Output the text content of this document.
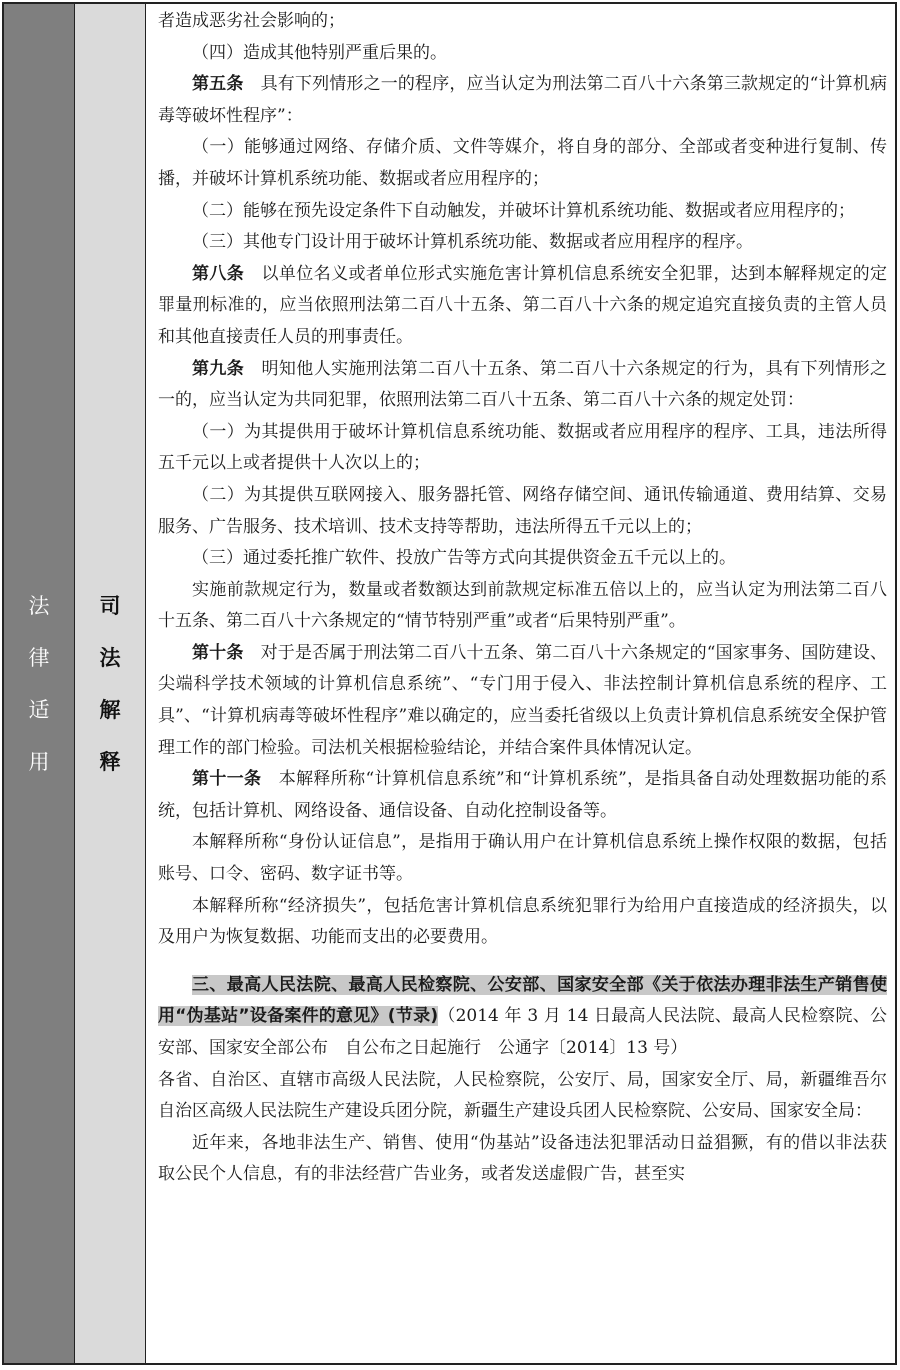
法
律
适
用
司
法
解
释

者造成恶劣社会影响的；

（四）造成其他特别严重后果的。

第五条　具有下列情形之一的程序，应当认定为刑法第二百八十六条第三款规定的“计算机病毒等破坏性程序”：

（一）能够通过网络、存储介质、文件等媒介，将自身的部分、全部或者变种进行复制、传播，并破坏计算机系统功能、数据或者应用程序的；

（二）能够在预先设定条件下自动触发，并破坏计算机系统功能、数据或者应用程序的；

（三）其他专门设计用于破坏计算机系统功能、数据或者应用程序的程序。

第八条　以单位名义或者单位形式实施危害计算机信息系统安全犯罪，达到本解释规定的定罪量刑标准的，应当依照刑法第二百八十五条、第二百八十六条的规定追究直接负责的主管人员和其他直接责任人员的刑事责任。

第九条　明知他人实施刑法第二百八十五条、第二百八十六条规定的行为，具有下列情形之一的，应当认定为共同犯罪，依照刑法第二百八十五条、第二百八十六条的规定处罚：

（一）为其提供用于破坏计算机信息系统功能、数据或者应用程序的程序、工具，违法所得五千元以上或者提供十人次以上的；

（二）为其提供互联网接入、服务器托管、网络存储空间、通讯传输通道、费用结算、交易服务、广告服务、技术培训、技术支持等帮助，违法所得五千元以上的；

（三）通过委托推广软件、投放广告等方式向其提供资金五千元以上的。

实施前款规定行为，数量或者数额达到前款规定标准五倍以上的，应当认定为刑法第二百八十五条、第二百八十六条规定的“情节特别严重”或者“后果特别严重”。

第十条　对于是否属于刑法第二百八十五条、第二百八十六条规定的“国家事务、国防建设、尖端科学技术领域的计算机信息系统”、“专门用于侵入、非法控制计算机信息系统的程序、工具”、“计算机病毒等破坏性程序”难以确定的，应当委托省级以上负责计算机信息系统安全保护管理工作的部门检验。司法机关根据检验结论，并结合案件具体情况认定。

第十一条　本解释所称“计算机信息系统”和“计算机系统”，是指具备自动处理数据功能的系统，包括计算机、网络设备、通信设备、自动化控制设备等。

本解释所称“身份认证信息”，是指用于确认用户在计算机信息系统上操作权限的数据，包括账号、口令、密码、数字证书等。

本解释所称“经济损失”，包括危害计算机信息系统犯罪行为给用户直接造成的经济损失，以及用户为恢复数据、功能而支出的必要费用。

三、最高人民法院、最高人民检察院、公安部、国家安全部《关于依法办理非法生产销售使用“伪基站”设备案件的意见》(节录)（2014 年 3 月 14 日最高人民法院、最高人民检察院、公安部、国家安全部公布　自公布之日起施行　公通字〔2014〕13 号）

各省、自治区、直辖市高级人民法院，人民检察院，公安厅、局，国家安全厅、局，新疆维吾尔自治区高级人民法院生产建设兵团分院，新疆生产建设兵团人民检察院、公安局、国家安全局：

近年来，各地非法生产、销售、使用“伪基站”设备违法犯罪活动日益猖獗，有的借以非法获取公民个人信息，有的非法经营广告业务，或者发送虚假广告，甚至实
